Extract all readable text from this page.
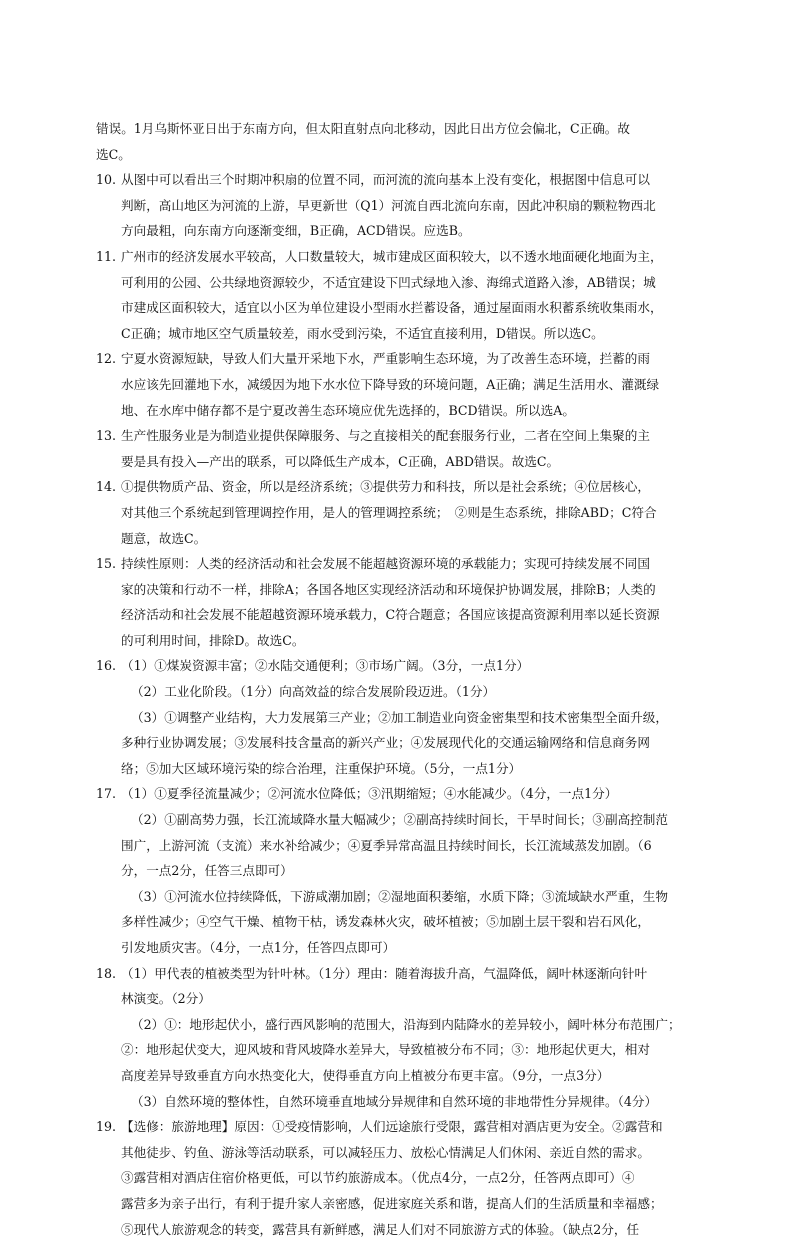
错误。1月乌斯怀亚日出于东南方向，但太阳直射点向北移动，因此日出方位会偏北，C正确。故
选C。
10. 从图中可以看出三个时期冲积扇的位置不同，而河流的流向基本上没有变化，根据图中信息可以
判断，高山地区为河流的上游，早更新世（Q1）河流自西北流向东南，因此冲积扇的颗粒物西北
方向最粗，向东南方向逐渐变细，B正确，ACD错误。应选B。
11. 广州市的经济发展水平较高，人口数量较大，城市建成区面积较大，以不透水地面硬化地面为主，
可利用的公园、公共绿地资源较少，不适宜建设下凹式绿地入渗、海绵式道路入渗，AB错误；城
市建成区面积较大，适宜以小区为单位建设小型雨水拦蓄设备，通过屋面雨水积蓄系统收集雨水，
C正确；城市地区空气质量较差，雨水受到污染，不适宜直接利用，D错误。所以选C。
12. 宁夏水资源短缺，导致人们大量开采地下水，严重影响生态环境，为了改善生态环境，拦蓄的雨
水应该先回灌地下水，减缓因为地下水水位下降导致的环境问题，A正确；满足生活用水、灌溉绿
地、在水库中储存都不是宁夏改善生态环境应优先选择的，BCD错误。所以选A。
13. 生产性服务业是为制造业提供保障服务、与之直接相关的配套服务行业，二者在空间上集聚的主
要是具有投入—产出的联系，可以降低生产成本，C正确，ABD错误。故选C。
14. ①提供物质产品、资金，所以是经济系统；③提供劳力和科技，所以是社会系统；④位居核心，
对其他三个系统起到管理调控作用，是人的管理调控系统；　②则是生态系统，排除ABD；C符合
题意，故选C。
15. 持续性原则：人类的经济活动和社会发展不能超越资源环境的承载能力；实现可持续发展不同国
家的决策和行动不一样，排除A；各国各地区实现经济活动和环境保护协调发展，排除B；人类的
经济活动和社会发展不能超越资源环境承载力，C符合题意；各国应该提高资源利用率以延长资源
的可利用时间，排除D。故选C。
16. （1）①煤炭资源丰富；②水陆交通便利；③市场广阔。（3分，一点1分）
（2）工业化阶段。（1分）向高效益的综合发展阶段迈进。（1分）
（3）①调整产业结构，大力发展第三产业；②加工制造业向资金密集型和技术密集型全面升级，
多种行业协调发展；③发展科技含量高的新兴产业；④发展现代化的交通运输网络和信息商务网
络；⑤加大区域环境污染的综合治理，注重保护环境。（5分，一点1分）
17. （1）①夏季径流量减少；②河流水位降低；③汛期缩短；④水能减少。（4分，一点1分）
（2）①副高势力强，长江流域降水量大幅减少；②副高持续时间长，干旱时间长；③副高控制范
围广，上游河流（支流）来水补给减少；④夏季异常高温且持续时间长，长江流域蒸发加剧。（6
分，一点2分，任答三点即可）
（3）①河流水位持续降低，下游咸潮加剧；②湿地面积萎缩，水质下降；③流域缺水严重，生物
多样性减少；④空气干燥、植物干枯，诱发森林火灾，破坏植被；⑤加剧土层干裂和岩石风化，
引发地质灾害。（4分，一点1分，任答四点即可）
18. （1）甲代表的植被类型为针叶林。（1分）理由：随着海拔升高，气温降低，阔叶林逐渐向针叶
林演变。（2分）
（2）①：地形起伏小，盛行西风影响的范围大，沿海到内陆降水的差异较小，阔叶林分布范围广；
②：地形起伏变大，迎风坡和背风坡降水差异大，导致植被分布不同；③：地形起伏更大，相对
高度差异导致垂直方向水热变化大，使得垂直方向上植被分布更丰富。（9分，一点3分）
（3）自然环境的整体性，自然环境垂直地域分异规律和自然环境的非地带性分异规律。（4分）
19. 【选修：旅游地理】原因：①受疫情影响，人们远途旅行受限，露营相对酒店更为安全。②露营和
其他徒步、钓鱼、游泳等活动联系，可以减轻压力、放松心情满足人们休闲、亲近自然的需求。
③露营相对酒店住宿价格更低，可以节约旅游成本。（优点4分，一点2分，任答两点即可）④
露营多为亲子出行，有利于提升家人亲密感，促进家庭关系和谐，提高人们的生活质量和幸福感；
⑤现代人旅游观念的转变，露营具有新鲜感，满足人们对不同旅游方式的体验。（缺点2分，任
